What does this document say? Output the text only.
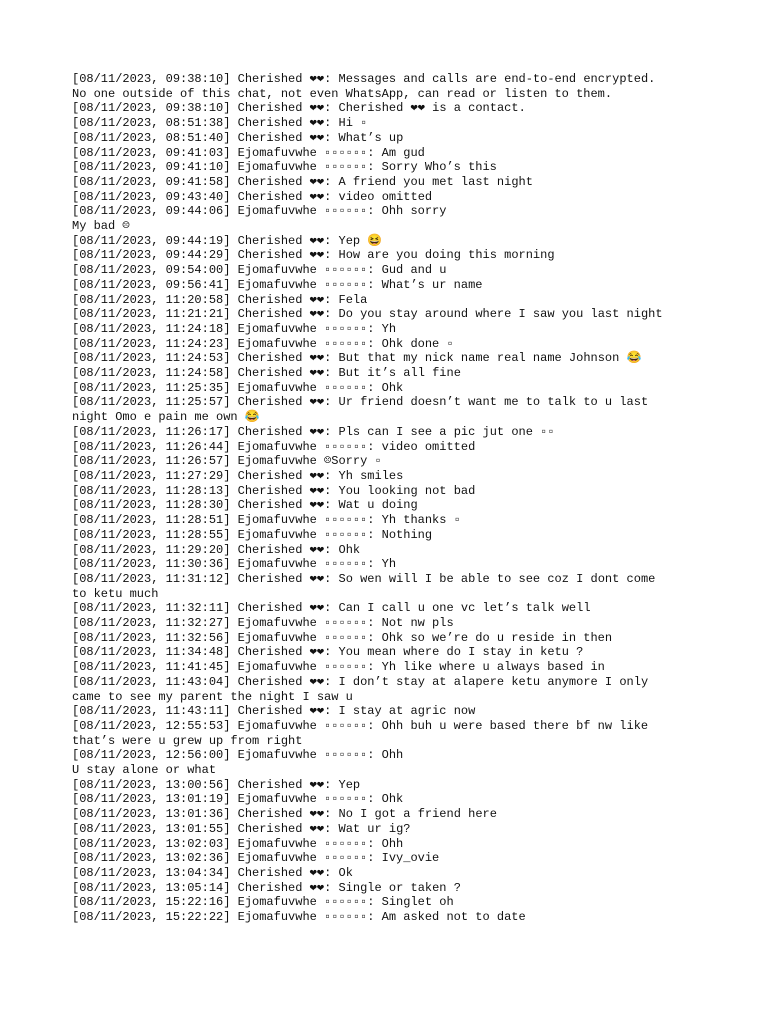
[08/11/2023, 09:38:10] Cherished ❤❤: Messages and calls are end-to-end encrypted.
No one outside of this chat, not even WhatsApp, can read or listen to them.
[08/11/2023, 09:38:10] Cherished ❤❤: Cherished ❤❤ is a contact.
[08/11/2023, 08:51:38] Cherished ❤❤: Hi ▫
[08/11/2023, 08:51:40] Cherished ❤❤: What’s up
[08/11/2023, 09:41:03] Ejomafuvwhe ▫▫▫▫▫▫: Am gud
[08/11/2023, 09:41:10] Ejomafuvwhe ▫▫▫▫▫▫: Sorry Who’s this
[08/11/2023, 09:41:58] Cherished ❤❤: A friend you met last night
[08/11/2023, 09:43:40] Cherished ❤❤: video omitted
[08/11/2023, 09:44:06] Ejomafuvwhe ▫▫▫▫▫▫: Ohh sorry
My bad ☹
[08/11/2023, 09:44:19] Cherished ❤❤: Yep 😆
[08/11/2023, 09:44:29] Cherished ❤❤: How are you doing this morning
[08/11/2023, 09:54:00] Ejomafuvwhe ▫▫▫▫▫▫: Gud and u
[08/11/2023, 09:56:41] Ejomafuvwhe ▫▫▫▫▫▫: What’s ur name
[08/11/2023, 11:20:58] Cherished ❤❤: Fela
[08/11/2023, 11:21:21] Cherished ❤❤: Do you stay around where I saw you last night
[08/11/2023, 11:24:18] Ejomafuvwhe ▫▫▫▫▫▫: Yh
[08/11/2023, 11:24:23] Ejomafuvwhe ▫▫▫▫▫▫: Ohk done ▫
[08/11/2023, 11:24:53] Cherished ❤❤: But that my nick name real name Johnson 😂
[08/11/2023, 11:24:58] Cherished ❤❤: But it’s all fine
[08/11/2023, 11:25:35] Ejomafuvwhe ▫▫▫▫▫▫: Ohk
[08/11/2023, 11:25:57] Cherished ❤❤: Ur friend doesn’t want me to talk to u last
night Omo e pain me own 😂
[08/11/2023, 11:26:17] Cherished ❤❤: Pls can I see a pic jut one ▫▫
[08/11/2023, 11:26:44] Ejomafuvwhe ▫▫▫▫▫▫: video omitted
[08/11/2023, 11:26:57] Ejomafuvwhe ☹Sorry ▫
[08/11/2023, 11:27:29] Cherished ❤❤: Yh smiles
[08/11/2023, 11:28:13] Cherished ❤❤: You looking not bad
[08/11/2023, 11:28:30] Cherished ❤❤: Wat u doing
[08/11/2023, 11:28:51] Ejomafuvwhe ▫▫▫▫▫▫: Yh thanks ▫
[08/11/2023, 11:28:55] Ejomafuvwhe ▫▫▫▫▫▫: Nothing
[08/11/2023, 11:29:20] Cherished ❤❤: Ohk
[08/11/2023, 11:30:36] Ejomafuvwhe ▫▫▫▫▫▫: Yh
[08/11/2023, 11:31:12] Cherished ❤❤: So wen will I be able to see coz I dont come
to ketu much
[08/11/2023, 11:32:11] Cherished ❤❤: Can I call u one vc let’s talk well
[08/11/2023, 11:32:27] Ejomafuvwhe ▫▫▫▫▫▫: Not nw pls
[08/11/2023, 11:32:56] Ejomafuvwhe ▫▫▫▫▫▫: Ohk so we’re do u reside in then
[08/11/2023, 11:34:48] Cherished ❤❤: You mean where do I stay in ketu ?
[08/11/2023, 11:41:45] Ejomafuvwhe ▫▫▫▫▫▫: Yh like where u always based in
[08/11/2023, 11:43:04] Cherished ❤❤: I don’t stay at alapere ketu anymore I only
came to see my parent the night I saw u
[08/11/2023, 11:43:11] Cherished ❤❤: I stay at agric now
[08/11/2023, 12:55:53] Ejomafuvwhe ▫▫▫▫▫▫: Ohh buh u were based there bf nw like
that’s were u grew up from right
[08/11/2023, 12:56:00] Ejomafuvwhe ▫▫▫▫▫▫: Ohh
U stay alone or what
[08/11/2023, 13:00:56] Cherished ❤❤: Yep
[08/11/2023, 13:01:19] Ejomafuvwhe ▫▫▫▫▫▫: Ohk
[08/11/2023, 13:01:36] Cherished ❤❤: No I got a friend here
[08/11/2023, 13:01:55] Cherished ❤❤: Wat ur ig?
[08/11/2023, 13:02:03] Ejomafuvwhe ▫▫▫▫▫▫: Ohh
[08/11/2023, 13:02:36] Ejomafuvwhe ▫▫▫▫▫▫: Ivy_ovie
[08/11/2023, 13:04:34] Cherished ❤❤: Ok
[08/11/2023, 13:05:14] Cherished ❤❤: Single or taken ?
[08/11/2023, 15:22:16] Ejomafuvwhe ▫▫▫▫▫▫: Singlet oh
[08/11/2023, 15:22:22] Ejomafuvwhe ▫▫▫▫▫▫: Am asked not to date
